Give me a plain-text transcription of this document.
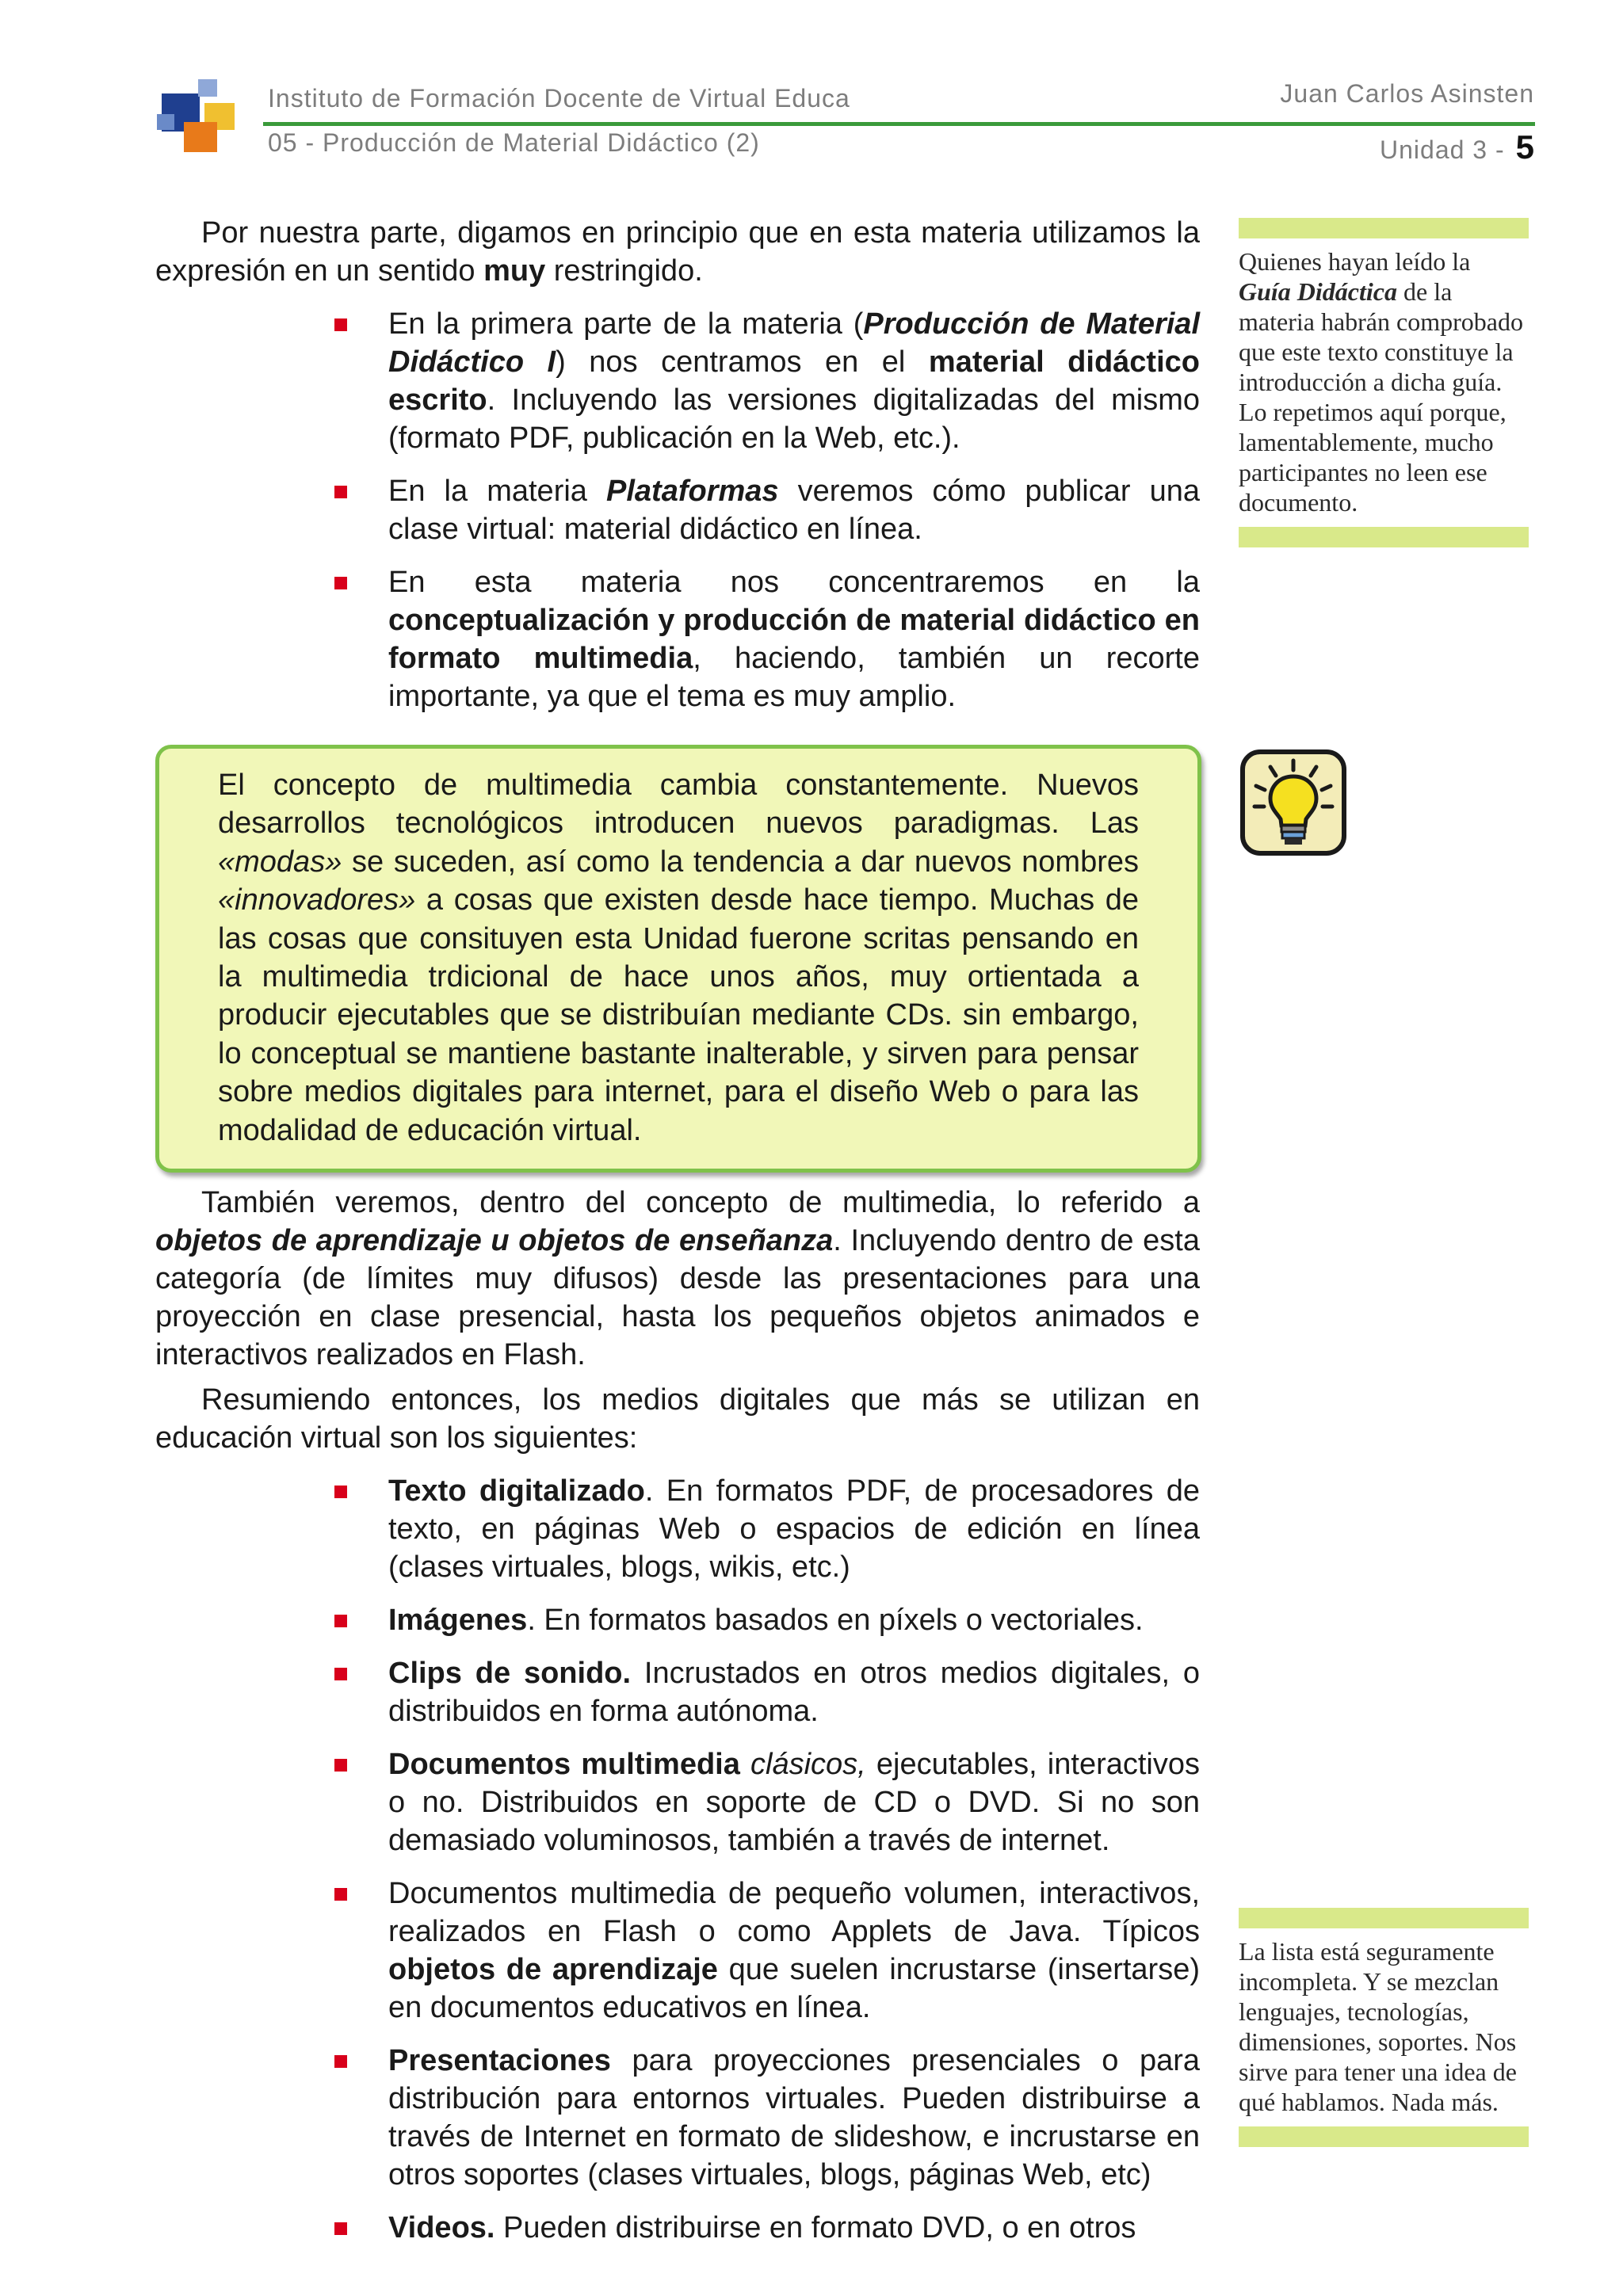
Instituto de Formación Docente de Virtual Educa
05 - Producción de Material Didáctico (2)
Juan Carlos Asinsten
Unidad 3 - 5

Por nuestra parte, digamos en principio que en esta materia utilizamos la expresión en un sentido muy restringido.

En la primera parte de la materia (Producción de Material Didáctico I) nos centramos en el material didáctico escrito. Incluyendo las versiones digitalizadas del mismo (formato PDF, publicación en la Web, etc.).
En la materia Plataformas veremos cómo publicar una clase virtual: material didáctico en línea.
En esta materia nos concentraremos en la conceptualización y producción de material didáctico en formato multimedia, haciendo, también un recorte importante, ya que el tema es muy amplio.
El concepto de multimedia cambia constantemente. Nuevos desarrollos tecnológicos introducen nuevos paradigmas. Las «modas» se suceden, así como la tendencia a dar nuevos nombres «innovadores» a cosas que existen desde hace tiempo. Muchas de las cosas que consituyen esta Unidad fuerone scritas pensando en la multimedia trdicional de hace unos años, muy ortientada a producir ejecutables que se distribuían mediante CDs. sin embargo, lo conceptual se mantiene bastante inalterable, y sirven para pensar sobre medios digitales para internet, para el diseño Web o para las modalidad de educación virtual.

También veremos, dentro del concepto de multimedia, lo referido a objetos de aprendizaje u objetos de enseñanza. Incluyendo dentro de esta categoría (de límites muy difusos) desde las presentaciones para una proyección en clase presencial, hasta los pequeños objetos animados e interactivos realizados en Flash.

Resumiendo entonces, los medios digitales que más se utilizan en educación virtual son los siguientes:

Texto digitalizado. En formatos PDF, de procesadores de texto, en páginas Web o espacios de edición en línea (clases virtuales, blogs, wikis, etc.)
Imágenes. En formatos basados en píxels o vectoriales.
Clips de sonido. Incrustados en otros medios digitales, o distribuidos en forma autónoma.
Documentos multimedia clásicos, ejecutables, interactivos o no. Distribuidos en soporte de CD o DVD. Si no son demasiado voluminosos, también a través de internet.
Documentos multimedia de pequeño volumen, interactivos, realizados en Flash o como Applets de Java. Típicos objetos de aprendizaje que suelen incrustarse (insertarse) en documentos educativos en línea.
Presentaciones para proyecciones presenciales o para distribución para entornos virtuales. Pueden distribuirse a través de Internet en formato de slideshow, e incrustarse en otros soportes (clases virtuales, blogs, páginas Web, etc)
Videos. Pueden distribuirse en formato DVD, o en otros

Quienes hayan leído la Guía Didáctica de la materia habrán comprobado que este texto constituye la introducción a dicha guía. Lo repetimos aquí porque, lamentablemente, mucho participantes no leen ese documento.

La lista está seguramente incompleta. Y se mezclan lenguajes, tecnologías, dimensiones, soportes. Nos sirve para tener una idea de qué hablamos. Nada más.
